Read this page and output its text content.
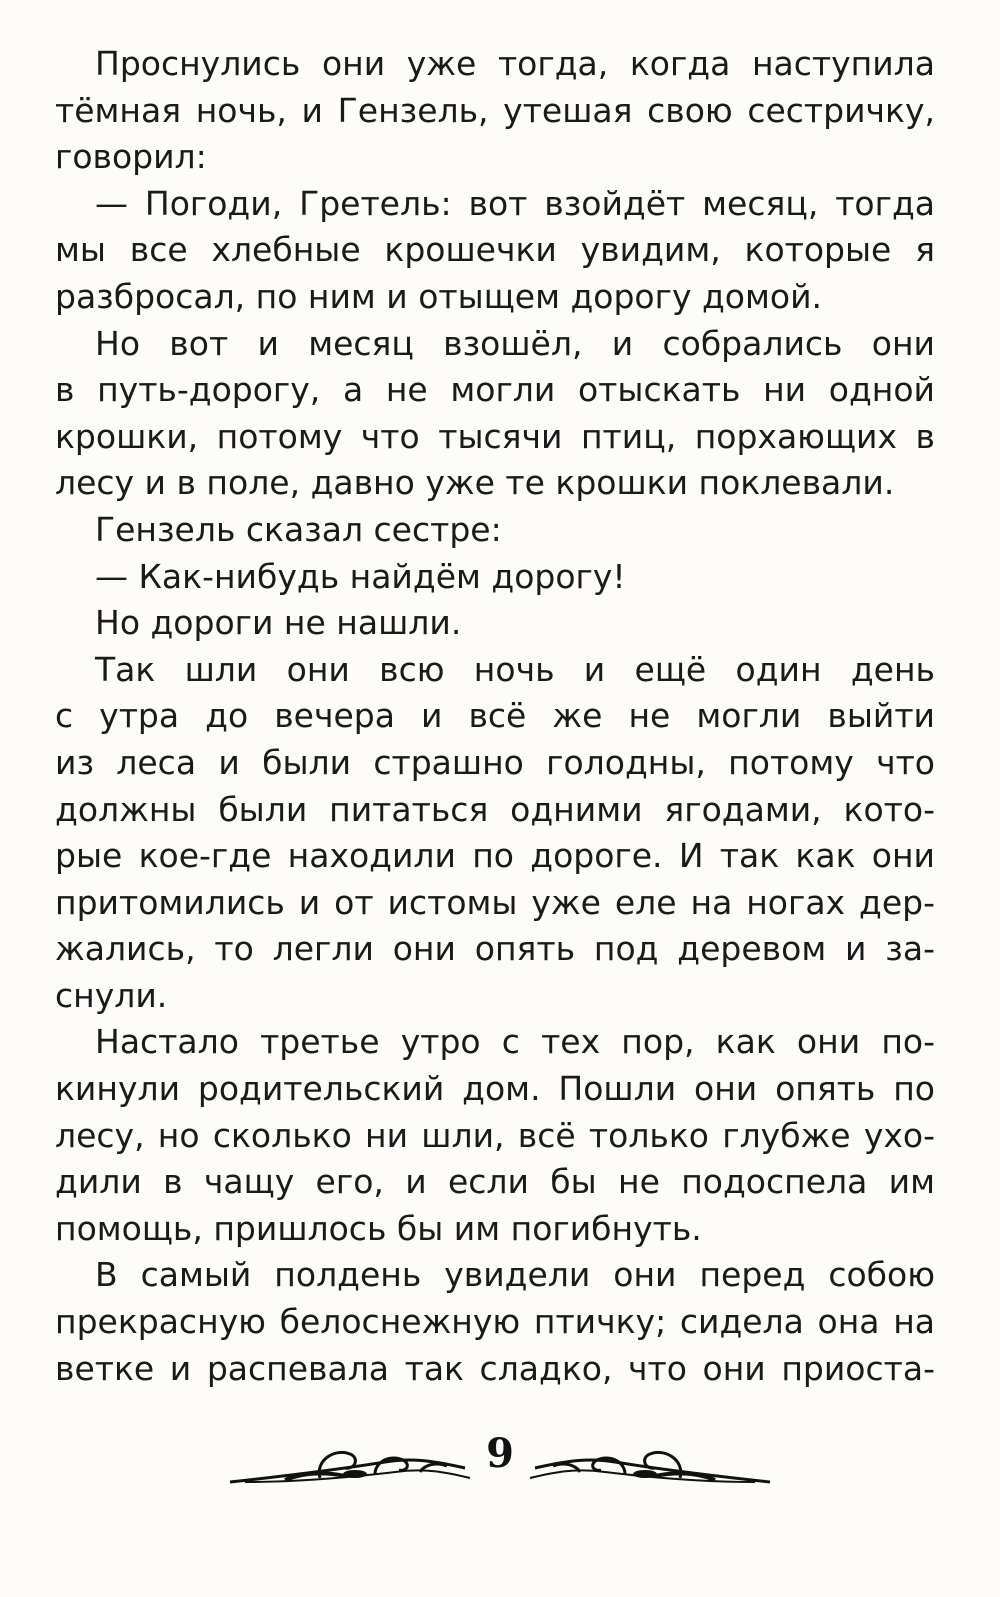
Проснулись они уже тогда, когда наступила
тёмная ночь, и Гензель, утешая свою сестричку,
говорил:
— Погоди, Гретель: вот взойдёт месяц, тогда
мы все хлебные крошечки увидим, которые я
разбросал, по ним и отыщем дорогу домой.
Но вот и месяц взошёл, и собрались они
в путь-дорогу, а не могли отыскать ни одной
крошки, потому что тысячи птиц, порхающих в
лесу и в поле, давно уже те крошки поклевали.
Гензель сказал сестре:
— Как-нибудь найдём дорогу!
Но дороги не нашли.
Так шли они всю ночь и ещё один день
с утра до вечера и всё же не могли выйти
из леса и были страшно голодны, потому что
должны были питаться одними ягодами, кото-
рые кое-где находили по дороге. И так как они
притомились и от истомы уже еле на ногах дер-
жались, то легли они опять под деревом и за-
снули.
Настало третье утро с тех пор, как они по-
кинули родительский дом. Пошли они опять по
лесу, но сколько ни шли, всё только глубже ухо-
дили в чащу его, и если бы не подоспела им
помощь, пришлось бы им погибнуть.
В самый полдень увидели они перед собою
прекрасную белоснежную птичку; сидела она на
ветке и распевала так сладко, что они приоста-
9
